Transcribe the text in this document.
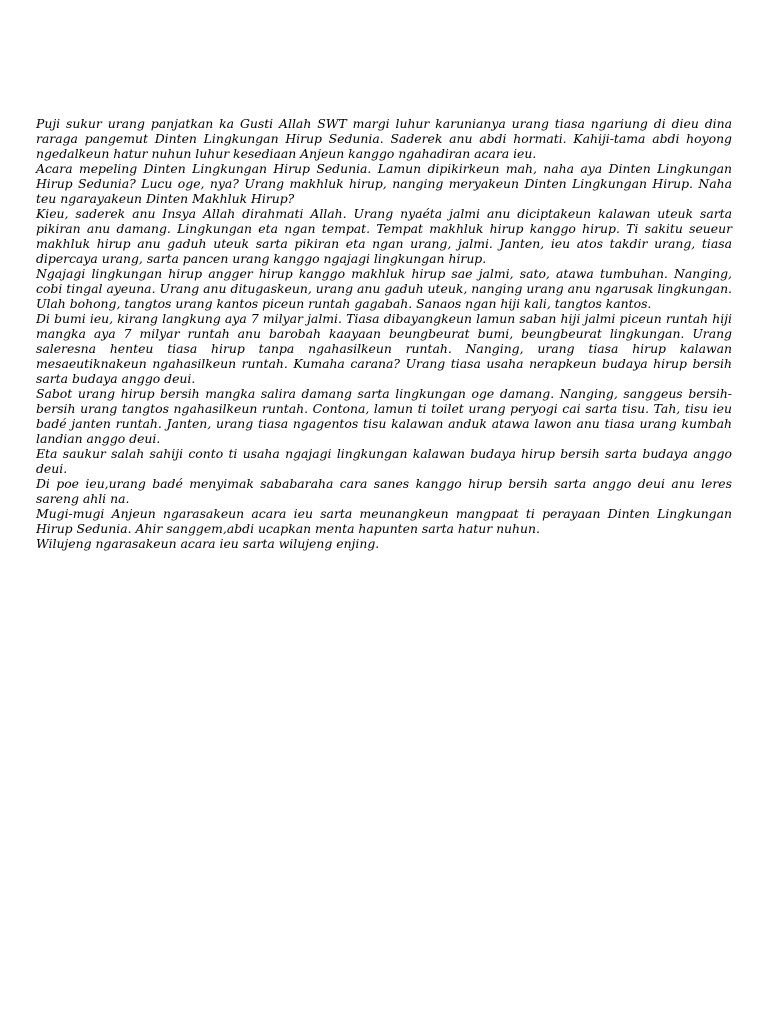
Puji sukur urang panjatkan ka Gusti Allah SWT margi luhur karunianya urang tiasa ngariung di dieu dina raraga pangemut Dinten Lingkungan Hirup Sedunia. Saderek anu abdi hormati. Kahiji-tama abdi hoyong ngedalkeun hatur nuhun luhur kesediaan Anjeun kanggo ngahadiran acara ieu.

Acara mepeling Dinten Lingkungan Hirup Sedunia. Lamun dipikirkeun mah, naha aya Dinten Lingkungan Hirup Sedunia? Lucu oge, nya? Urang makhluk hirup, nanging meryakeun Dinten Lingkungan Hirup. Naha teu ngarayakeun Dinten Makhluk Hirup?

Kieu, saderek anu Insya Allah dirahmati Allah. Urang nyaéta jalmi anu diciptakeun kalawan uteuk sarta pikiran anu damang. Lingkungan eta ngan tempat. Tempat makhluk hirup kanggo hirup. Ti sakitu seueur makhluk hirup anu gaduh uteuk sarta pikiran eta ngan urang, jalmi. Janten, ieu atos takdir urang, tiasa dipercaya urang, sarta pancen urang kanggo ngajagi lingkungan hirup.

Ngajagi lingkungan hirup angger hirup kanggo makhluk hirup sae jalmi, sato, atawa tumbuhan. Nanging, cobi tingal ayeuna. Urang anu ditugaskeun, urang anu gaduh uteuk, nanging urang anu ngarusak lingkungan. Ulah bohong, tangtos urang kantos piceun runtah gagabah. Sanaos ngan hiji kali, tangtos kantos.

Di bumi ieu, kirang langkung aya 7 milyar jalmi. Tiasa dibayangkeun lamun saban hiji jalmi piceun runtah hiji mangka aya 7 milyar runtah anu barobah kaayaan beungbeurat bumi, beungbeurat lingkungan. Urang saleresna henteu tiasa hirup tanpa ngahasilkeun runtah. Nanging, urang tiasa hirup kalawan mesaeutiknakeun ngahasilkeun runtah. Kumaha carana? Urang tiasa usaha nerapkeun budaya hirup bersih sarta budaya anggo deui.

Sabot urang hirup bersih mangka salira damang sarta lingkungan oge damang. Nanging, sanggeus bersih-bersih urang tangtos ngahasilkeun runtah. Contona, lamun ti toilet urang peryogi cai sarta tisu. Tah, tisu ieu badé janten runtah. Janten, urang tiasa ngagentos tisu kalawan anduk atawa lawon anu tiasa urang kumbah landian anggo deui.

Eta saukur salah sahiji conto ti usaha ngajagi lingkungan kalawan budaya hirup bersih sarta budaya anggo deui.

Di poe ieu,urang badé menyimak sababaraha cara sanes kanggo hirup bersih sarta anggo deui anu leres sareng ahli na.

Mugi-mugi Anjeun ngarasakeun acara ieu sarta meunangkeun mangpaat ti perayaan Dinten Lingkungan Hirup Sedunia. Ahir sanggem,abdi ucapkan menta hapunten sarta hatur nuhun.

Wilujeng ngarasakeun acara ieu sarta wilujeng enjing.
